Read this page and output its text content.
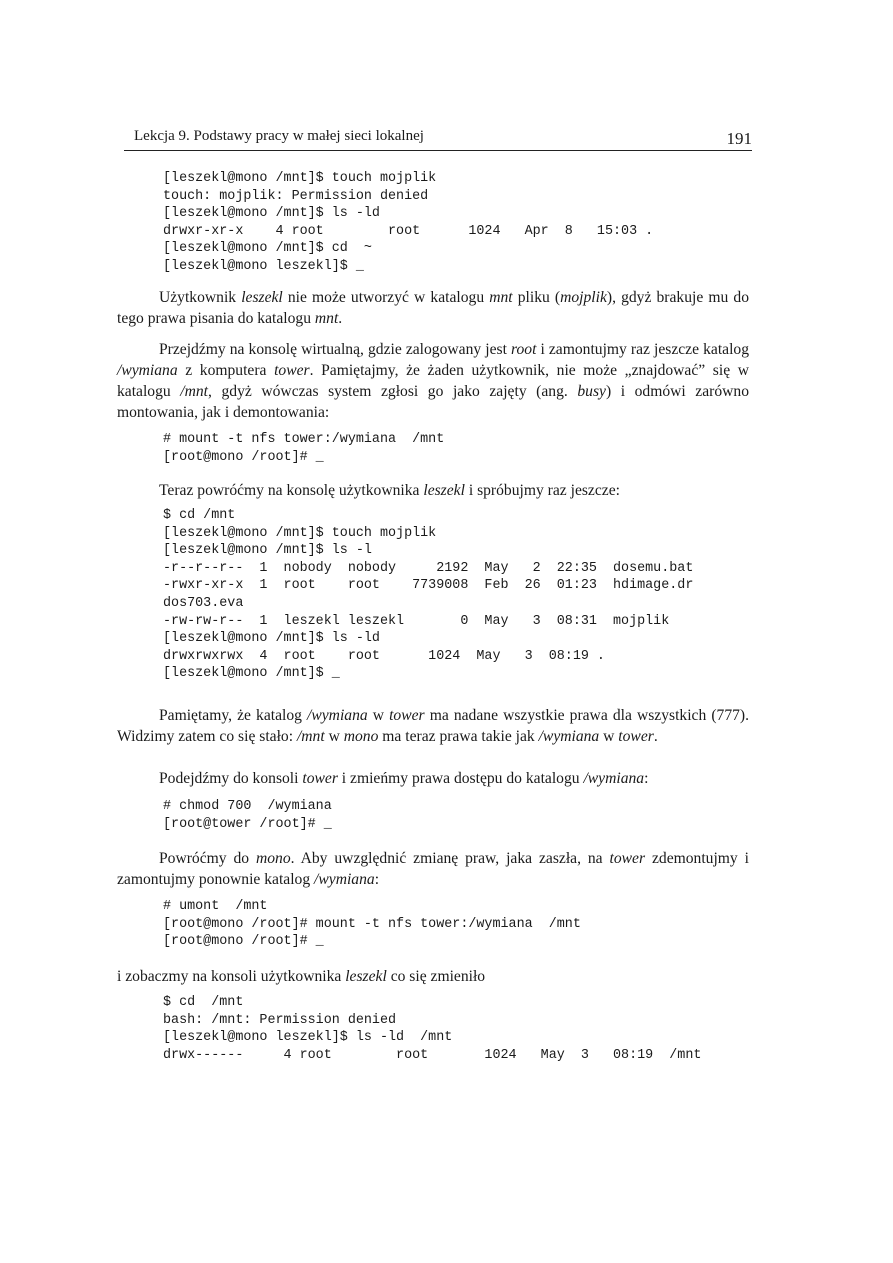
Lekcja 9. Podstawy pracy w małej sieci lokalnej	191
[leszekl@mono /mnt]$ touch mojplik
touch: mojplik: Permission denied
[leszekl@mono /mnt]$ ls -ld
drwxr-xr-x    4 root        root      1024   Apr  8   15:03 .
[leszekl@mono /mnt]$ cd  ~
[leszekl@mono leszekl]$ _

Użytkownik leszekl nie może utworzyć w katalogu mnt pliku (mojplik), gdyż brakuje mu do tego prawa pisania do katalogu mnt.

Przejdźmy na konsolę wirtualną, gdzie zalogowany jest root i zamontujmy raz jeszcze katalog /wymiana z komputera tower. Pamiętajmy, że żaden użytkownik, nie może „znajdować” się w katalogu /mnt, gdyż wówczas system zgłosi go jako zajęty (ang. busy) i odmówi zarówno montowania, jak i demontowania:

# mount -t nfs tower:/wymiana  /mnt
[root@mono /root]# _

Teraz powróćmy na konsolę użytkownika leszekl i spróbujmy raz jeszcze:

$ cd /mnt
[leszekl@mono /mnt]$ touch mojplik
[leszekl@mono /mnt]$ ls -l
-r--r--r--  1  nobody  nobody     2192  May   2  22:35  dosemu.bat
-rwxr-xr-x  1  root    root    7739008  Feb  26  01:23  hdimage.dr
dos703.eva
-rw-rw-r--  1  leszekl leszekl       0  May   3  08:31  mojplik
[leszekl@mono /mnt]$ ls -ld
drwxrwxrwx  4  root    root      1024  May   3  08:19 .
[leszekl@mono /mnt]$ _

Pamiętamy, że katalog /wymiana w tower ma nadane wszystkie prawa dla wszystkich (777). Widzimy zatem co się stało: /mnt w mono ma teraz prawa takie jak /wymiana w tower.

Podejdźmy do konsoli tower i zmieńmy prawa dostępu do katalogu /wymiana:

# chmod 700  /wymiana
[root@tower /root]# _

Powróćmy do mono. Aby uwzględnić zmianę praw, jaka zaszła, na tower zdemontujmy i zamontujmy ponownie katalog /wymiana:

# umont  /mnt
[root@mono /root]# mount -t nfs tower:/wymiana  /mnt
[root@mono /root]# _

i zobaczmy na konsoli użytkownika leszekl co się zmieniło

$ cd  /mnt
bash: /mnt: Permission denied
[leszekl@mono leszekl]$ ls -ld  /mnt
drwx------     4 root        root       1024   May  3   08:19  /mnt
